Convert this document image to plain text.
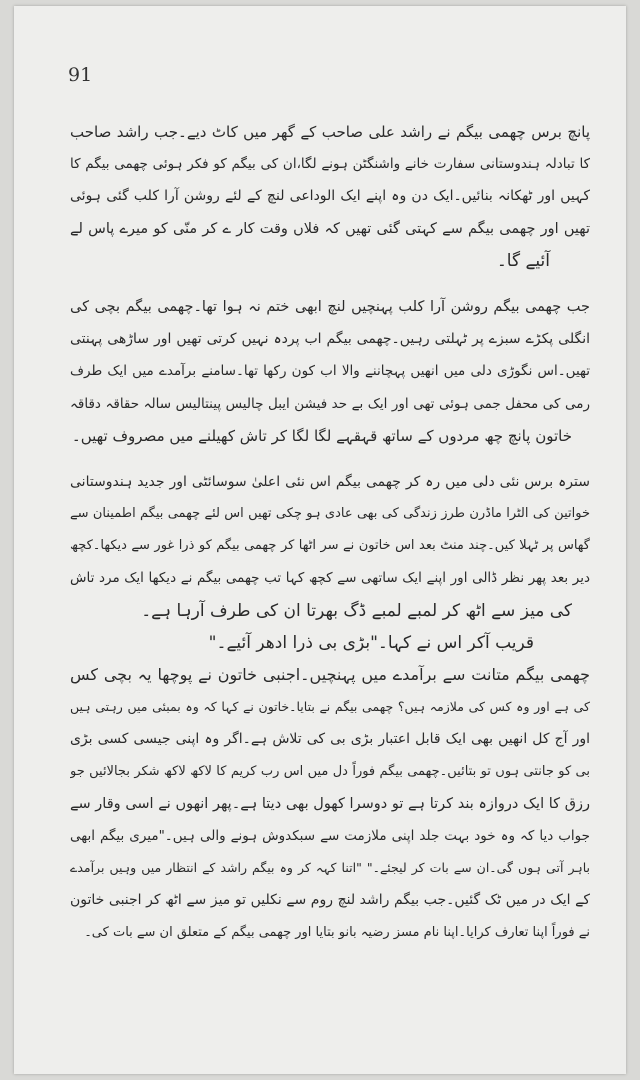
91
پانچ برس چھمی بیگم نے راشد علی صاحب کے گھر میں کاٹ دیے۔جب راشد صاحب
کا تبادلہ ہندوستانی سفارت خانے واشنگٹن ہونے لگا،ان کی بیگم کو فکر ہوئی چھمی بیگم کا
کہیں اور ٹھکانہ بنائیں۔ایک دن وہ اپنے ایک الوداعی لنچ کے لئے روشن آرا کلب گئی ہوئی
تھیں اور چھمی بیگم سے کہتی گئی تھیں کہ فلاں وقت کار ے کر منّی کو میرے پاس لے
آئیے گا۔
جب چھمی بیگم روشن آرا کلب پہنچیں لنچ ابھی ختم نہ ہوا تھا۔چھمی بیگم بچی کی
انگلی پکڑے سبزے پر ٹہلتی رہیں۔چھمی بیگم اب پردہ نہیں کرتی تھیں اور ساڑھی پہنتی
تھیں۔اس نگوڑی دلی میں انھیں پہچاننے والا اب کون رکھا تھا۔سامنے برآمدے میں ایک طرف
رمی کی محفل جمی ہوئی تھی اور ایک بے حد فیشن ایبل چالیس پینتالیس سالہ حقاقہ دقاقہ
خاتون پانچ چھ مردوں کے ساتھ قہقہے لگا لگا کر تاش کھیلنے میں مصروف تھیں۔
سترہ برس نئی دلی میں رہ کر چھمی بیگم اس نئی اعلیٰ سوسائٹی اور جدید ہندوستانی
خواتین کی الٹرا ماڈرن طرز زندگی کی بھی عادی ہو چکی تھیں اس لئے چھمی بیگم اطمینان سے
گھاس پر ٹہلا کیں۔چند منٹ بعد اس خاتون نے سر اٹھا کر چھمی بیگم کو ذرا غور سے دیکھا۔کچھ
دیر بعد پھر نظر ڈالی اور اپنے ایک ساتھی سے کچھ کہا تب چھمی بیگم نے دیکھا ایک مرد تاش
کی میز سے اٹھ کر لمبے لمبے ڈگ بھرتا ان کی طرف آرہا ہے۔
قریب آکر اس نے کہا۔"بڑی بی ذرا ادھر آئیے۔"
چھمی بیگم متانت سے برآمدے میں پہنچیں۔اجنبی خاتون نے پوچھا یہ بچی کس
کی ہے اور وہ کس کی ملازمہ ہیں؟ چھمی بیگم نے بتایا۔خاتون نے کہا کہ وہ بمبئی میں رہتی ہیں
اور آج کل انھیں بھی ایک قابل اعتبار بڑی بی کی تلاش ہے۔اگر وہ اپنی جیسی کسی بڑی
بی کو جانتی ہوں تو بتائیں۔چھمی بیگم فوراً دل میں اس رب کریم کا لاکھ لاکھ شکر بجالائیں جو
رزق کا ایک دروازہ بند کرتا ہے تو دوسرا کھول بھی دیتا ہے۔پھر انھوں نے اسی وقار سے
جواب دیا کہ وہ خود بہت جلد اپنی ملازمت سے سبکدوش ہونے والی ہیں۔"میری بیگم ابھی
باہر آتی ہوں گی۔ان سے بات کر لیجئے۔" "اتنا کہہ کر وہ بیگم راشد کے انتظار میں وہیں برآمدے
کے ایک در میں ٹک گئیں۔جب بیگم راشد لنچ روم سے نکلیں تو میز سے اٹھ کر اجنبی خاتون
نے فوراً اپنا تعارف کرایا۔اپنا نام مسز رضیہ بانو بتایا اور چھمی بیگم کے متعلق ان سے بات کی۔
